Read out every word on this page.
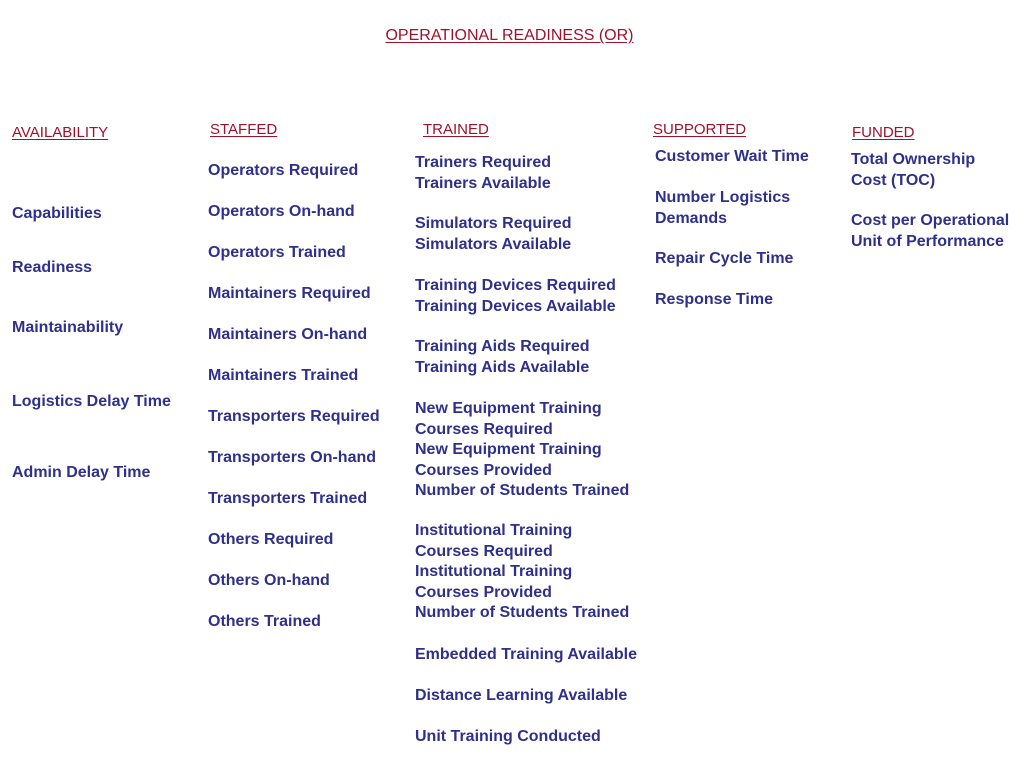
OPERATIONAL READINESS (OR)
AVAILABILITY
Capabilities
Readiness
Maintainability
Logistics Delay Time
Admin Delay Time
STAFFED
Operators Required
Operators On-hand
Operators Trained
Maintainers Required
Maintainers On-hand
Maintainers Trained
Transporters Required
Transporters On-hand
Transporters Trained
Others Required
Others On-hand
Others Trained
TRAINED
Trainers Required
Trainers Available
Simulators Required
Simulators Available
Training Devices Required
Training Devices Available
Training Aids Required
Training Aids Available
New Equipment Training
Courses Required
New Equipment Training
Courses Provided
Number of Students Trained
Institutional Training
Courses Required
Institutional Training
Courses Provided
Number of Students Trained
Embedded Training Available
Distance Learning Available
Unit Training Conducted
SUPPORTED
Customer Wait Time
Number Logistics
Demands
Repair Cycle Time
Response Time
FUNDED
Total Ownership
Cost (TOC)
Cost per Operational
Unit of Performance
